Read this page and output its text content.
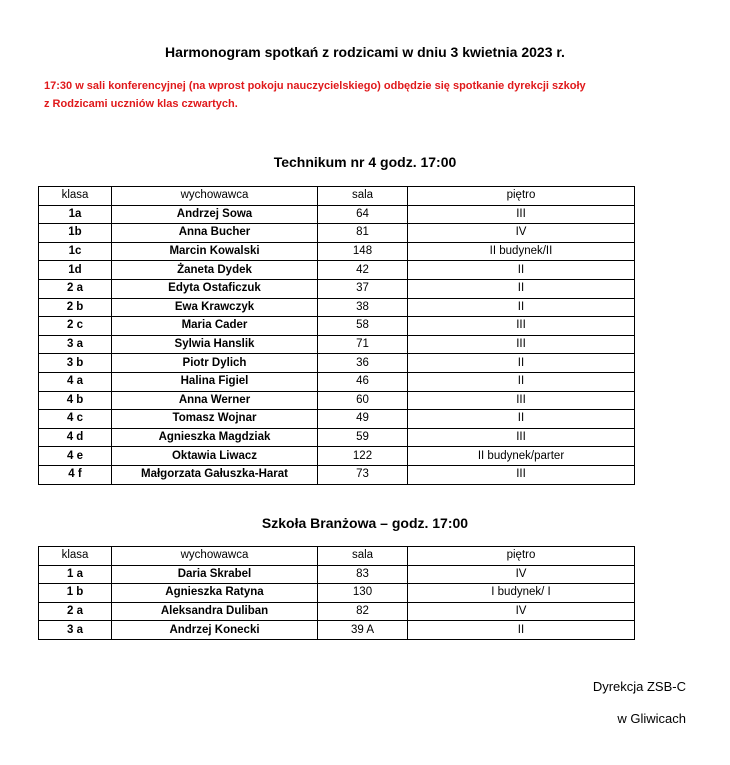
Harmonogram spotkań z rodzicami w dniu 3 kwietnia 2023 r.
17:30 w sali konferencyjnej (na wprost pokoju nauczycielskiego) odbędzie się spotkanie dyrekcji szkoły
z Rodzicami uczniów klas czwartych.
Technikum nr 4 godz. 17:00
klasa	wychowawca	sala	piętro
1a	Andrzej Sowa	64	III
1b	Anna Bucher	81	IV
1c	Marcin Kowalski	148	II budynek/II
1d	Żaneta Dydek	42	II
2 a	Edyta Ostaficzuk	37	II
2 b	Ewa Krawczyk	38	II
2 c	Maria Cader	58	III
3 a	Sylwia Hanslik	71	III
3 b	Piotr Dylich	36	II
4 a	Halina Figiel	46	II
4 b	Anna Werner	60	III
4 c	Tomasz Wojnar	49	II
4 d	Agnieszka Magdziak	59	III
4 e	Oktawia Liwacz	122	II budynek/parter
4 f	Małgorzata Gałuszka-Harat	73	III
Szkoła Branżowa – godz. 17:00
klasa	wychowawca	sala	piętro
1 a	Daria Skrabel	83	IV
1 b	Agnieszka Ratyna	130	I budynek/ I
2 a	Aleksandra Duliban	82	IV
3 a	Andrzej Konecki	39 A	II
Dyrekcja ZSB-C
w Gliwicach
